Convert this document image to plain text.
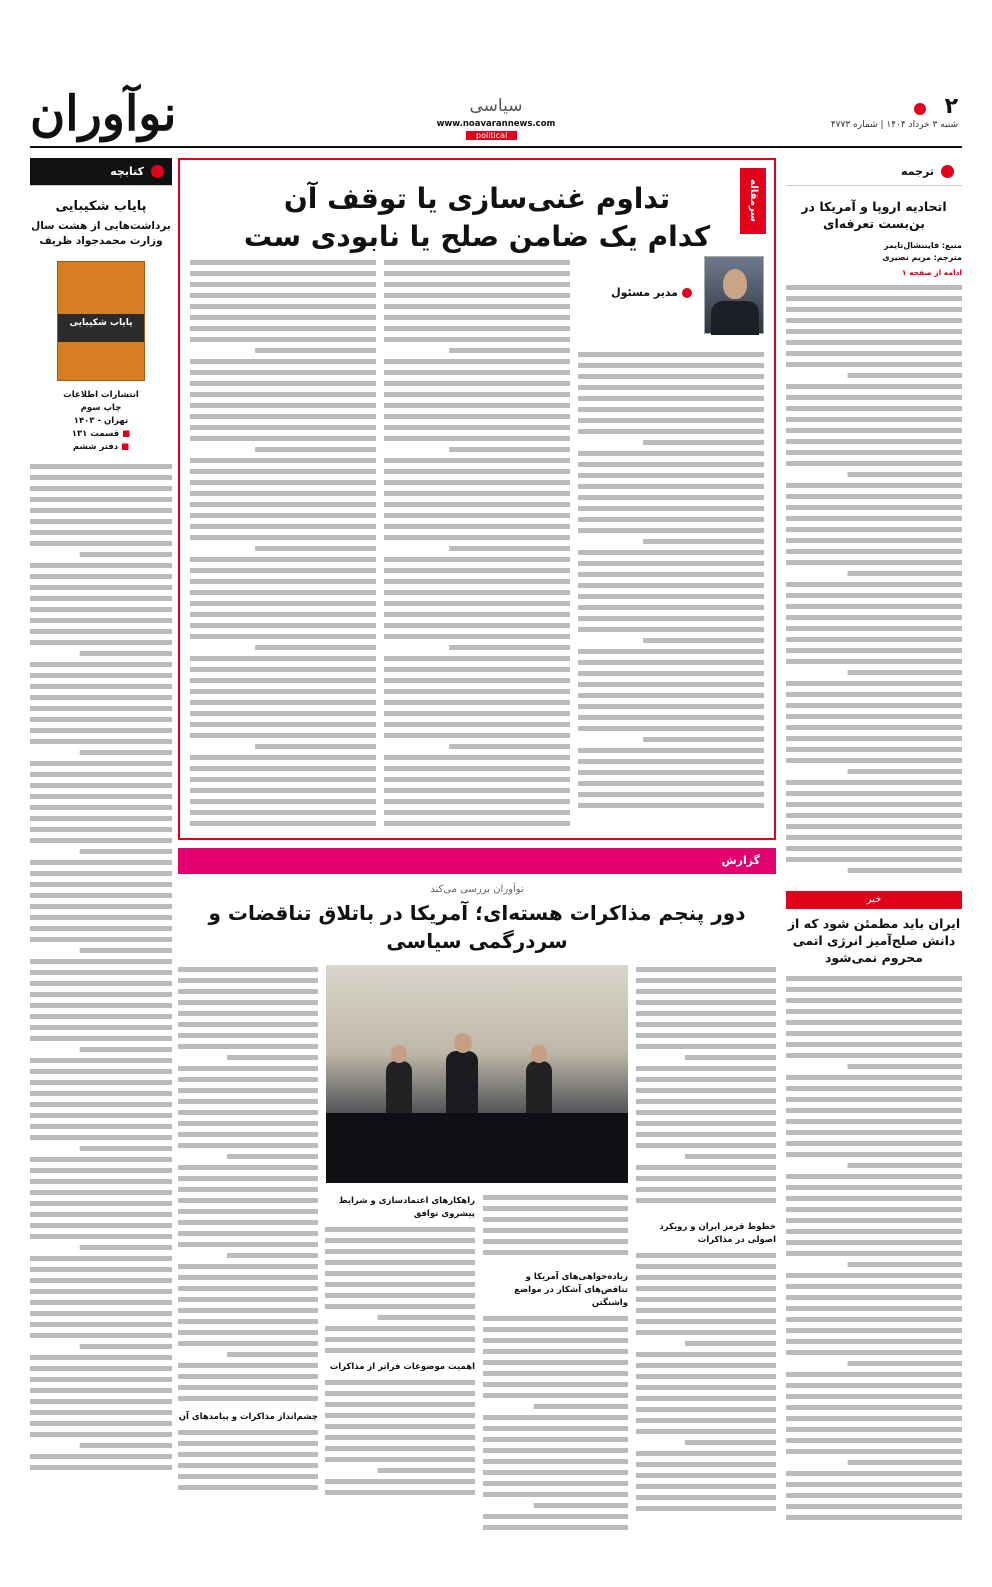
۲
شنبه ۳ خرداد ۱۴۰۴ | شماره ۴۷۷۳
سیاسی
www.noavarannews.com
political
نوآوران
ترجمه
اتحادیه اروپا و آمریکا در بن‌بست تعرفه‌ای
منبع: فایننشال‌تایمز
مترجم: مریم نصیری
ادامه از صفحه ۱
خبر
ایران باید مطمئن شود که از دانش صلح‌آمیز انرژی اتمی محروم نمی‌شود
کتابچه
پایاب شکیبایی
برداشت‌هایی از هشت سال وزارت محمدجواد ظریف
پایاب شکیبایی
انتشارات اطلاعات
چاپ سوم
تهران - ۱۴۰۳
■ قسمت ۱۳۱
■ دفتر ششم
سرمقاله
تداوم غنی‌سازی یا توقف آن
کدام یک ضامن صلح یا نابودی ست
مدیر مسئول
گزارش
نوآوران بررسی می‌کند
دور پنجم مذاکرات هسته‌ای؛ آمریکا در باتلاق تناقضات و سردرگمی سیاسی
خطوط قرمز ایران و رویکرد اصولی در مذاکرات
زیاده‌خواهی‌های آمریکا و تناقض‌های آشکار در مواضع واشنگتن
راهکارهای اعتمادسازی و شرایط پیشروی توافق
اهمیت موضوعات فراتر از مذاکرات
چشم‌انداز مذاکرات و پیامدهای آن
